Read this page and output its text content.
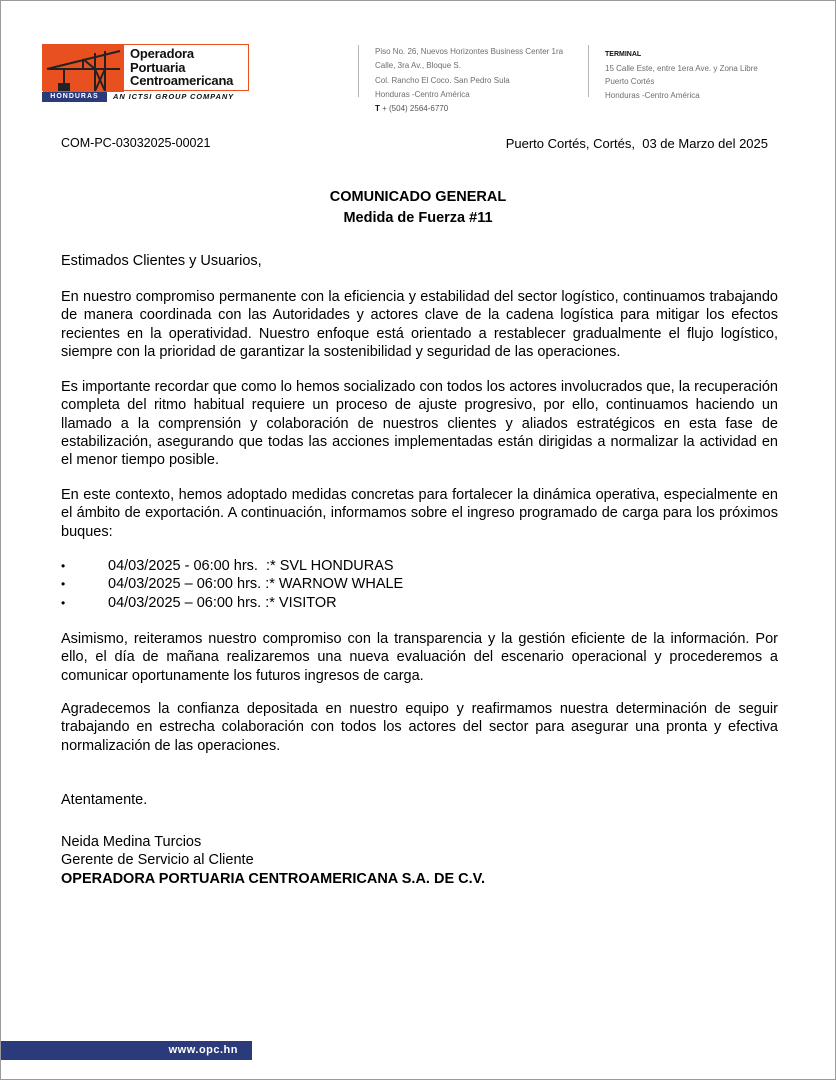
Operadora
Portuaria
Centroamericana
HONDURAS	AN ICTSI GROUP COMPANY
Piso No. 26, Nuevos Horizontes Business Center 1ra
Calle, 3ra Av., Bloque S.
Col. Rancho El Coco. San Pedro Sula
Honduras -Centro América
T + (504) 2564-6770
TERMINAL
15 Calle Este, entre 1era Ave. y Zona Libre
Puerto Cortés
Honduras -Centro América
COM-PC-03032025-00021	Puerto Cortés, Cortés,  03 de Marzo del 2025
COMUNICADO GENERAL
Medida de Fuerza #11
Estimados Clientes y Usuarios,
En nuestro compromiso permanente con la eficiencia y estabilidad del sector logístico, continuamos trabajando de manera coordinada con las Autoridades y actores clave de la cadena logística para mitigar los efectos recientes en la operatividad. Nuestro enfoque está orientado a restablecer gradualmente el flujo logístico, siempre con la prioridad de garantizar la sostenibilidad y seguridad de las operaciones.
Es importante recordar que como lo hemos socializado con todos los actores involucrados que, la recuperación completa del ritmo habitual requiere un proceso de ajuste progresivo, por ello, continuamos haciendo un llamado a la comprensión y colaboración de nuestros clientes y aliados estratégicos en esta fase de estabilización, asegurando que todas las acciones implementadas están dirigidas a normalizar la actividad en el menor tiempo posible.
En este contexto, hemos adoptado medidas concretas para fortalecer la dinámica operativa, especialmente en el ámbito de exportación. A continuación, informamos sobre el ingreso programado de carga para los próximos buques:

•

	04/03/2025 - 06:00 hrs.  :* SVL HONDURAS

•

	04/03/2025 – 06:00 hrs. :* WARNOW WHALE

•

	04/03/2025 – 06:00 hrs. :* VISITOR

Asimismo, reiteramos nuestro compromiso con la transparencia y la gestión eficiente de la información. Por ello, el día de mañana realizaremos una nueva evaluación del escenario operacional y procederemos a comunicar oportunamente los futuros ingresos de carga.
Agradecemos la confianza depositada en nuestro equipo y reafirmamos nuestra determinación de seguir trabajando en estrecha colaboración con todos los actores del sector para asegurar una pronta y efectiva normalización de las operaciones.
Atentamente.
Neida Medina Turcios
Gerente de Servicio al Cliente
OPERADORA PORTUARIA CENTROAMERICANA S.A. DE C.V.
www.opc.hn
